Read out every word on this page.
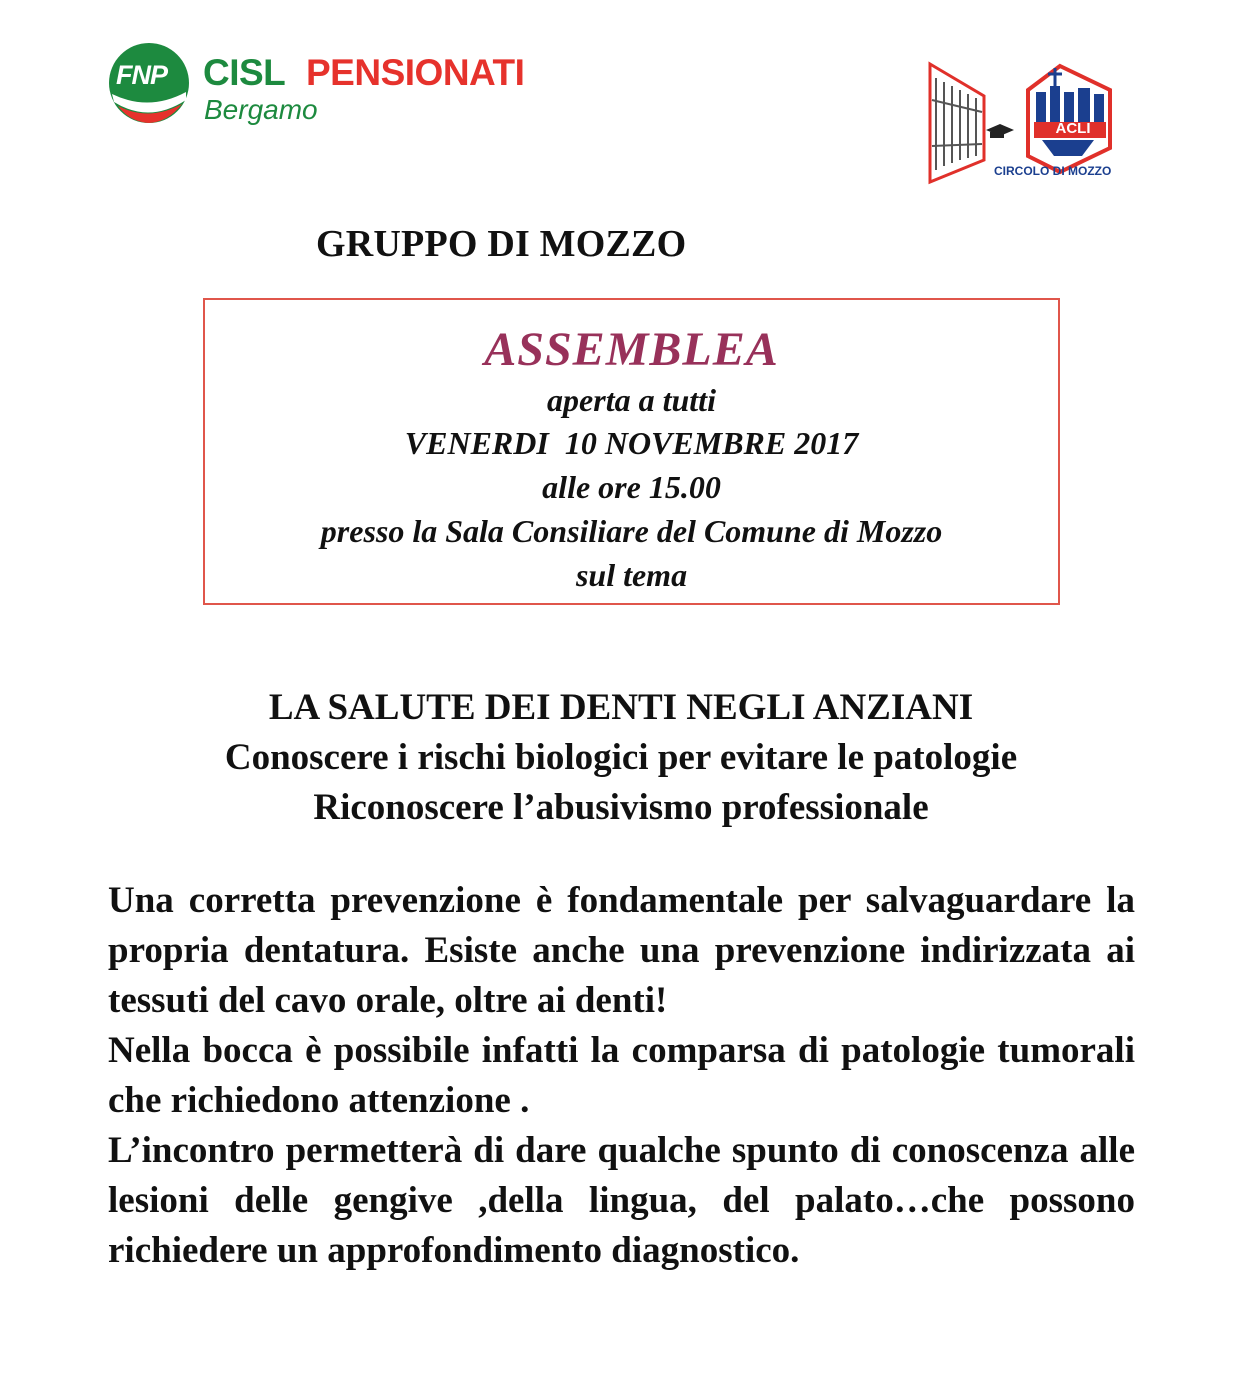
FNP CISL PENSIONATI
Bergamo
ACLI
CIRCOLO DI MOZZO
GRUPPO DI MOZZO
ASSEMBLEA
aperta a tutti
VENERDI  10 NOVEMBRE 2017
alle ore 15.00
presso la Sala Consiliare del Comune di Mozzo
sul tema
LA SALUTE DEI DENTI NEGLI ANZIANI
Conoscere i rischi biologici per evitare le patologie
Riconoscere l’abusivismo professionale

Una corretta prevenzione è fondamentale per salvaguardare la propria dentatura. Esiste anche una prevenzione indirizzata ai tessuti del cavo orale, oltre ai denti!

Nella bocca è possibile infatti la comparsa di patologie tumorali che richiedono attenzione .

L’incontro permetterà di dare qualche spunto di conoscenza alle lesioni delle gengive ,della lingua, del palato…che possono richiedere un approfondimento diagnostico.
